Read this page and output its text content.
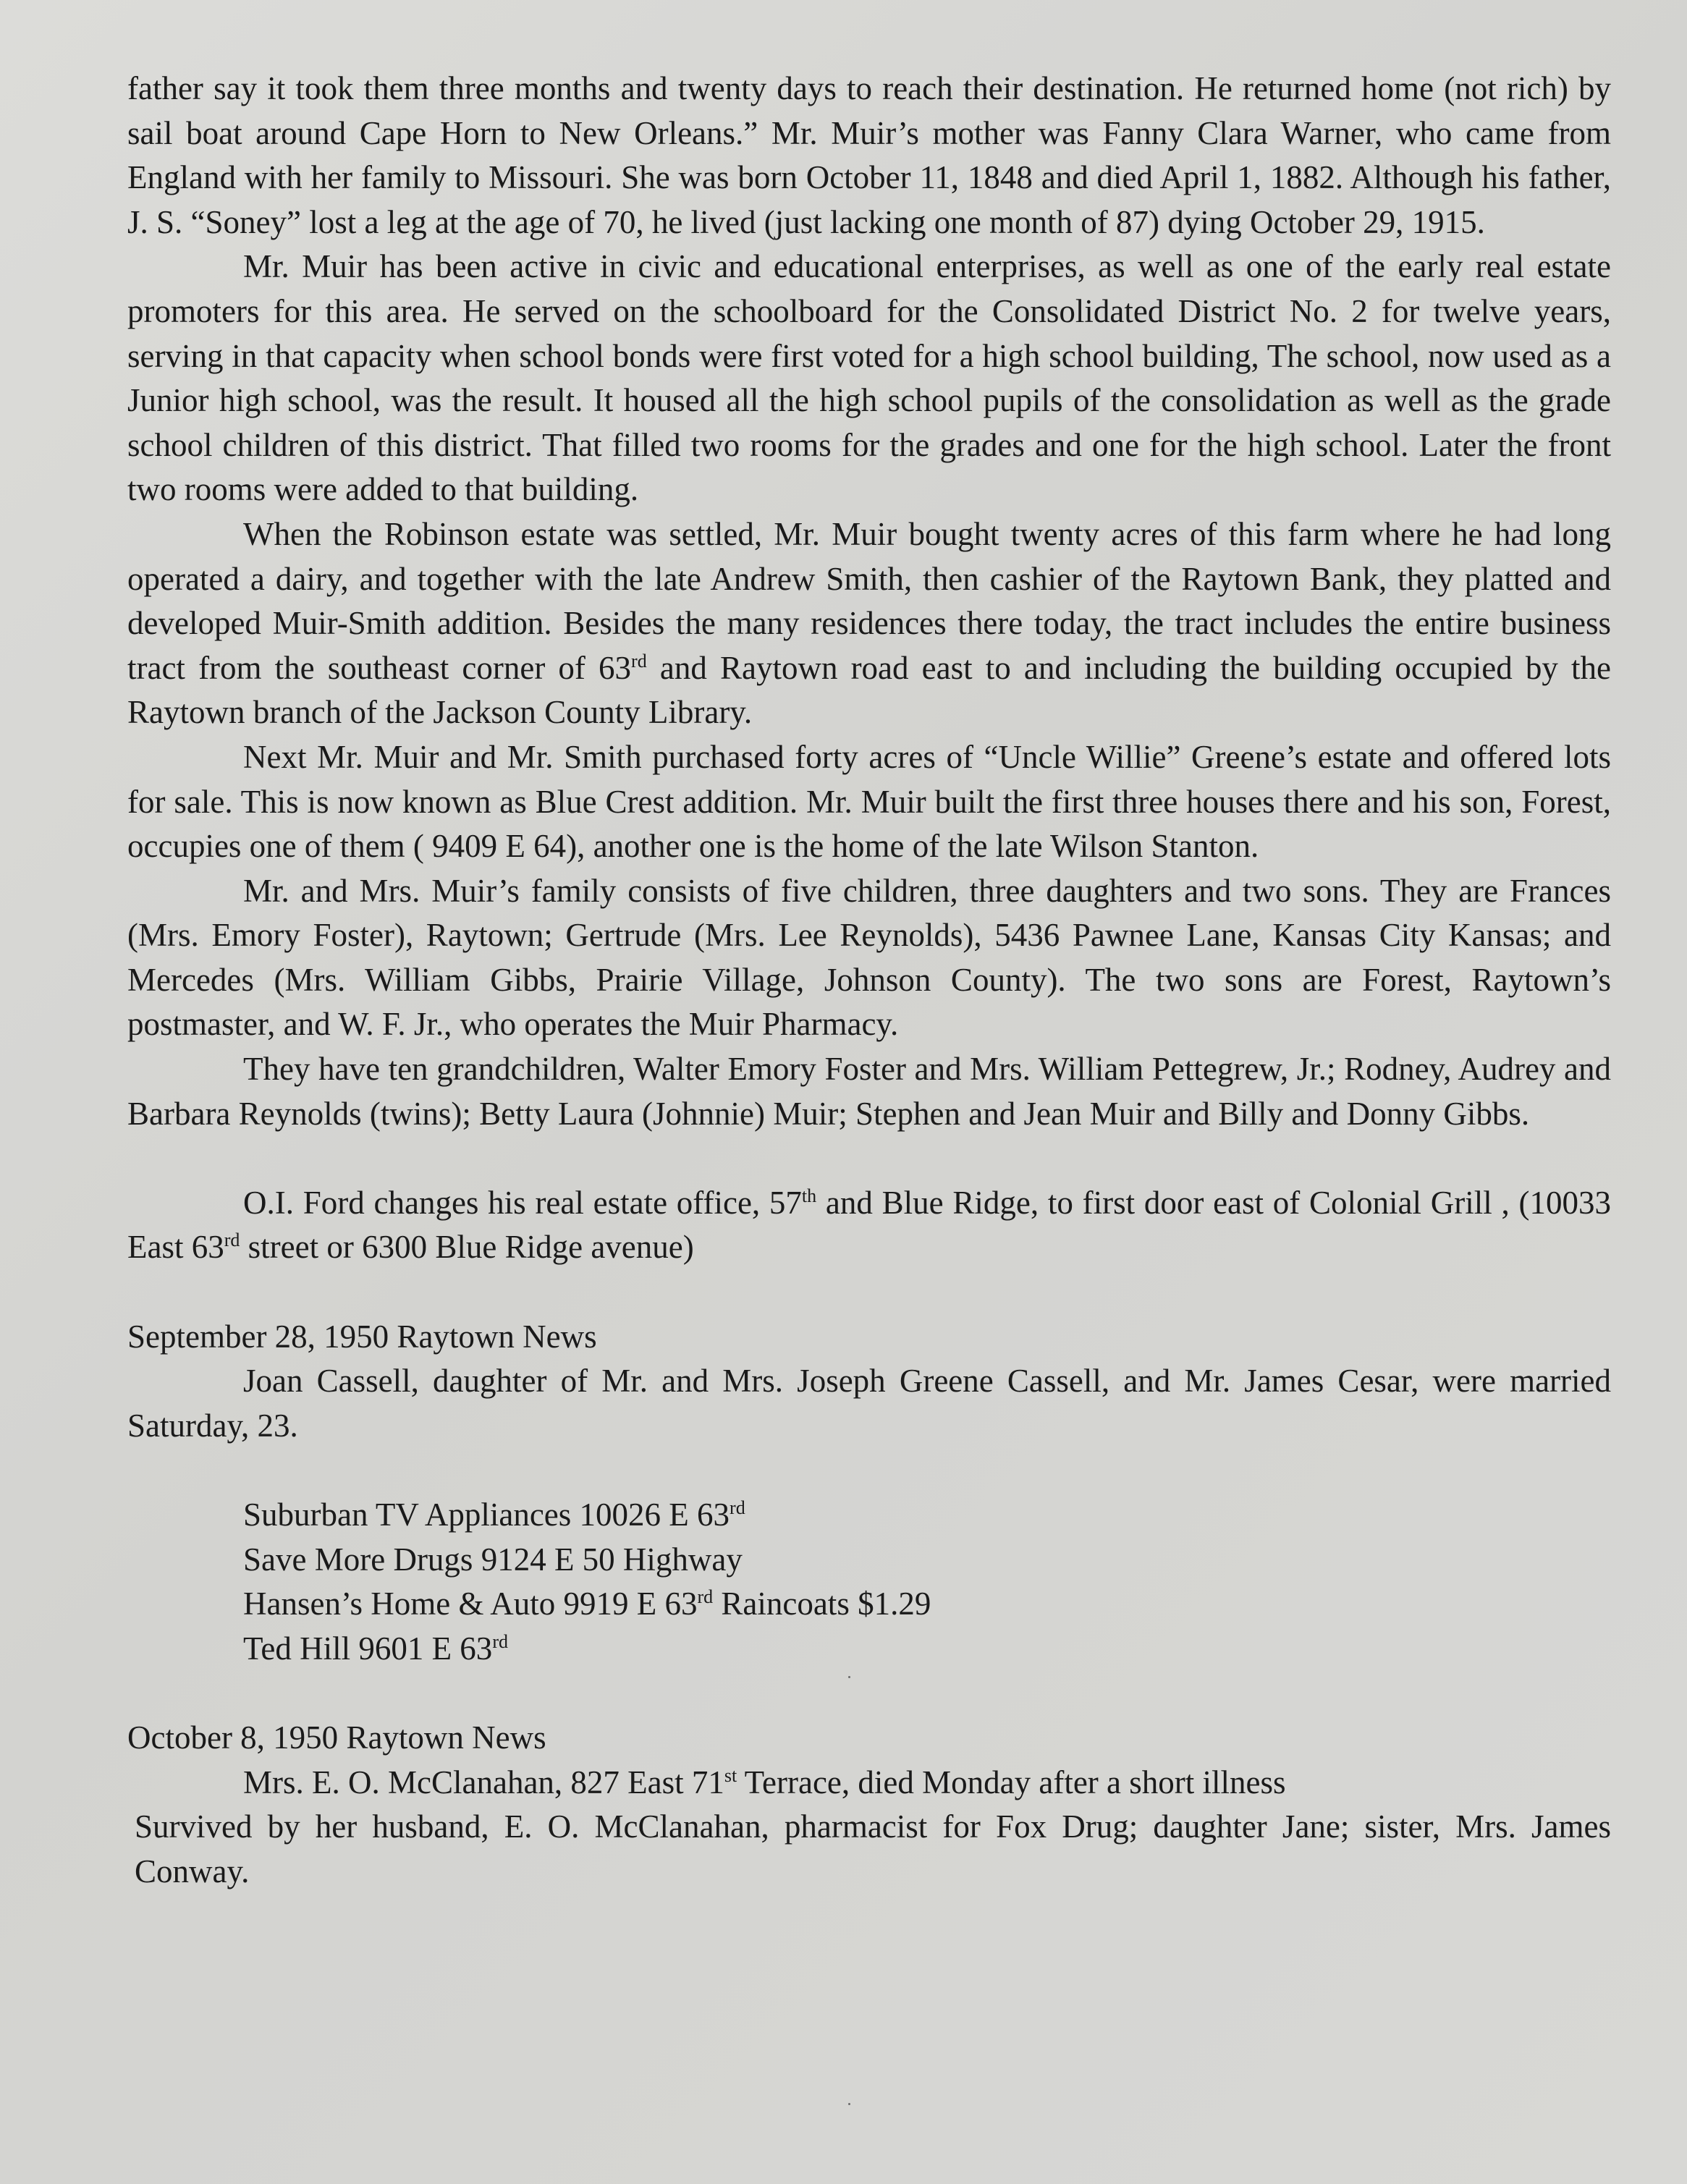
father say it took them three months and twenty days to reach their destination. He returned home (not rich) by sail boat around Cape Horn to New Orleans.” Mr. Muir’s mother was Fanny Clara Warner, who came from England with her family to Missouri. She was born October 11, 1848 and died April 1, 1882. Although his father, J. S. “Soney” lost a leg at the age of 70, he lived (just lacking one month of 87) dying October 29, 1915.

Mr. Muir has been active in civic and educational enterprises, as well as one of the early real estate promoters for this area. He served on the schoolboard for the Consolidated District No. 2 for twelve years, serving in that capacity when school bonds were first voted for a high school building, The school, now used as a Junior high school, was the result. It housed all the high school pupils of the consolidation as well as the grade school children of this district. That filled two rooms for the grades and one for the high school. Later the front two rooms were added to that building.

When the Robinson estate was settled, Mr. Muir bought twenty acres of this farm where he had long operated a dairy, and together with the late Andrew Smith, then cashier of the Raytown Bank, they platted and developed Muir-Smith addition. Besides the many residences there today, the tract includes the entire business tract from the southeast corner of 63rd and Raytown road east to and including the building occupied by the Raytown branch of the Jackson County Library.

Next Mr. Muir and Mr. Smith purchased forty acres of “Uncle Willie” Greene’s estate and offered lots for sale. This is now known as Blue Crest addition. Mr. Muir built the first three houses there and his son, Forest, occupies one of them ( 9409 E 64), another one is the home of the late Wilson Stanton.

Mr. and Mrs. Muir’s family consists of five children, three daughters and two sons. They are Frances (Mrs. Emory Foster), Raytown; Gertrude (Mrs. Lee Reynolds), 5436 Pawnee Lane, Kansas City Kansas; and Mercedes (Mrs. William Gibbs, Prairie Village, Johnson County). The two sons are Forest, Raytown’s postmaster, and W. F. Jr., who operates the Muir Pharmacy.

They have ten grandchildren, Walter Emory Foster and Mrs. William Pettegrew, Jr.; Rodney, Audrey and Barbara Reynolds (twins); Betty Laura (Johnnie) Muir; Stephen and Jean Muir and Billy and Donny Gibbs.

O.I. Ford changes his real estate office, 57th and Blue Ridge, to first door east of Colonial Grill , (10033 East 63rd street or 6300 Blue Ridge avenue)

September 28, 1950 Raytown News

Joan Cassell, daughter of Mr. and Mrs. Joseph Greene Cassell, and Mr. James Cesar, were married Saturday, 23.

Suburban TV Appliances 10026 E 63rd

Save More Drugs 9124 E 50 Highway

Hansen’s Home & Auto 9919 E 63rd Raincoats $1.29

Ted Hill 9601 E 63rd

October 8, 1950 Raytown News

Mrs. E. O. McClanahan, 827 East 71st Terrace, died Monday after a short illness

Survived by her husband, E. O. McClanahan, pharmacist for Fox Drug; daughter Jane; sister, Mrs. James Conway.
